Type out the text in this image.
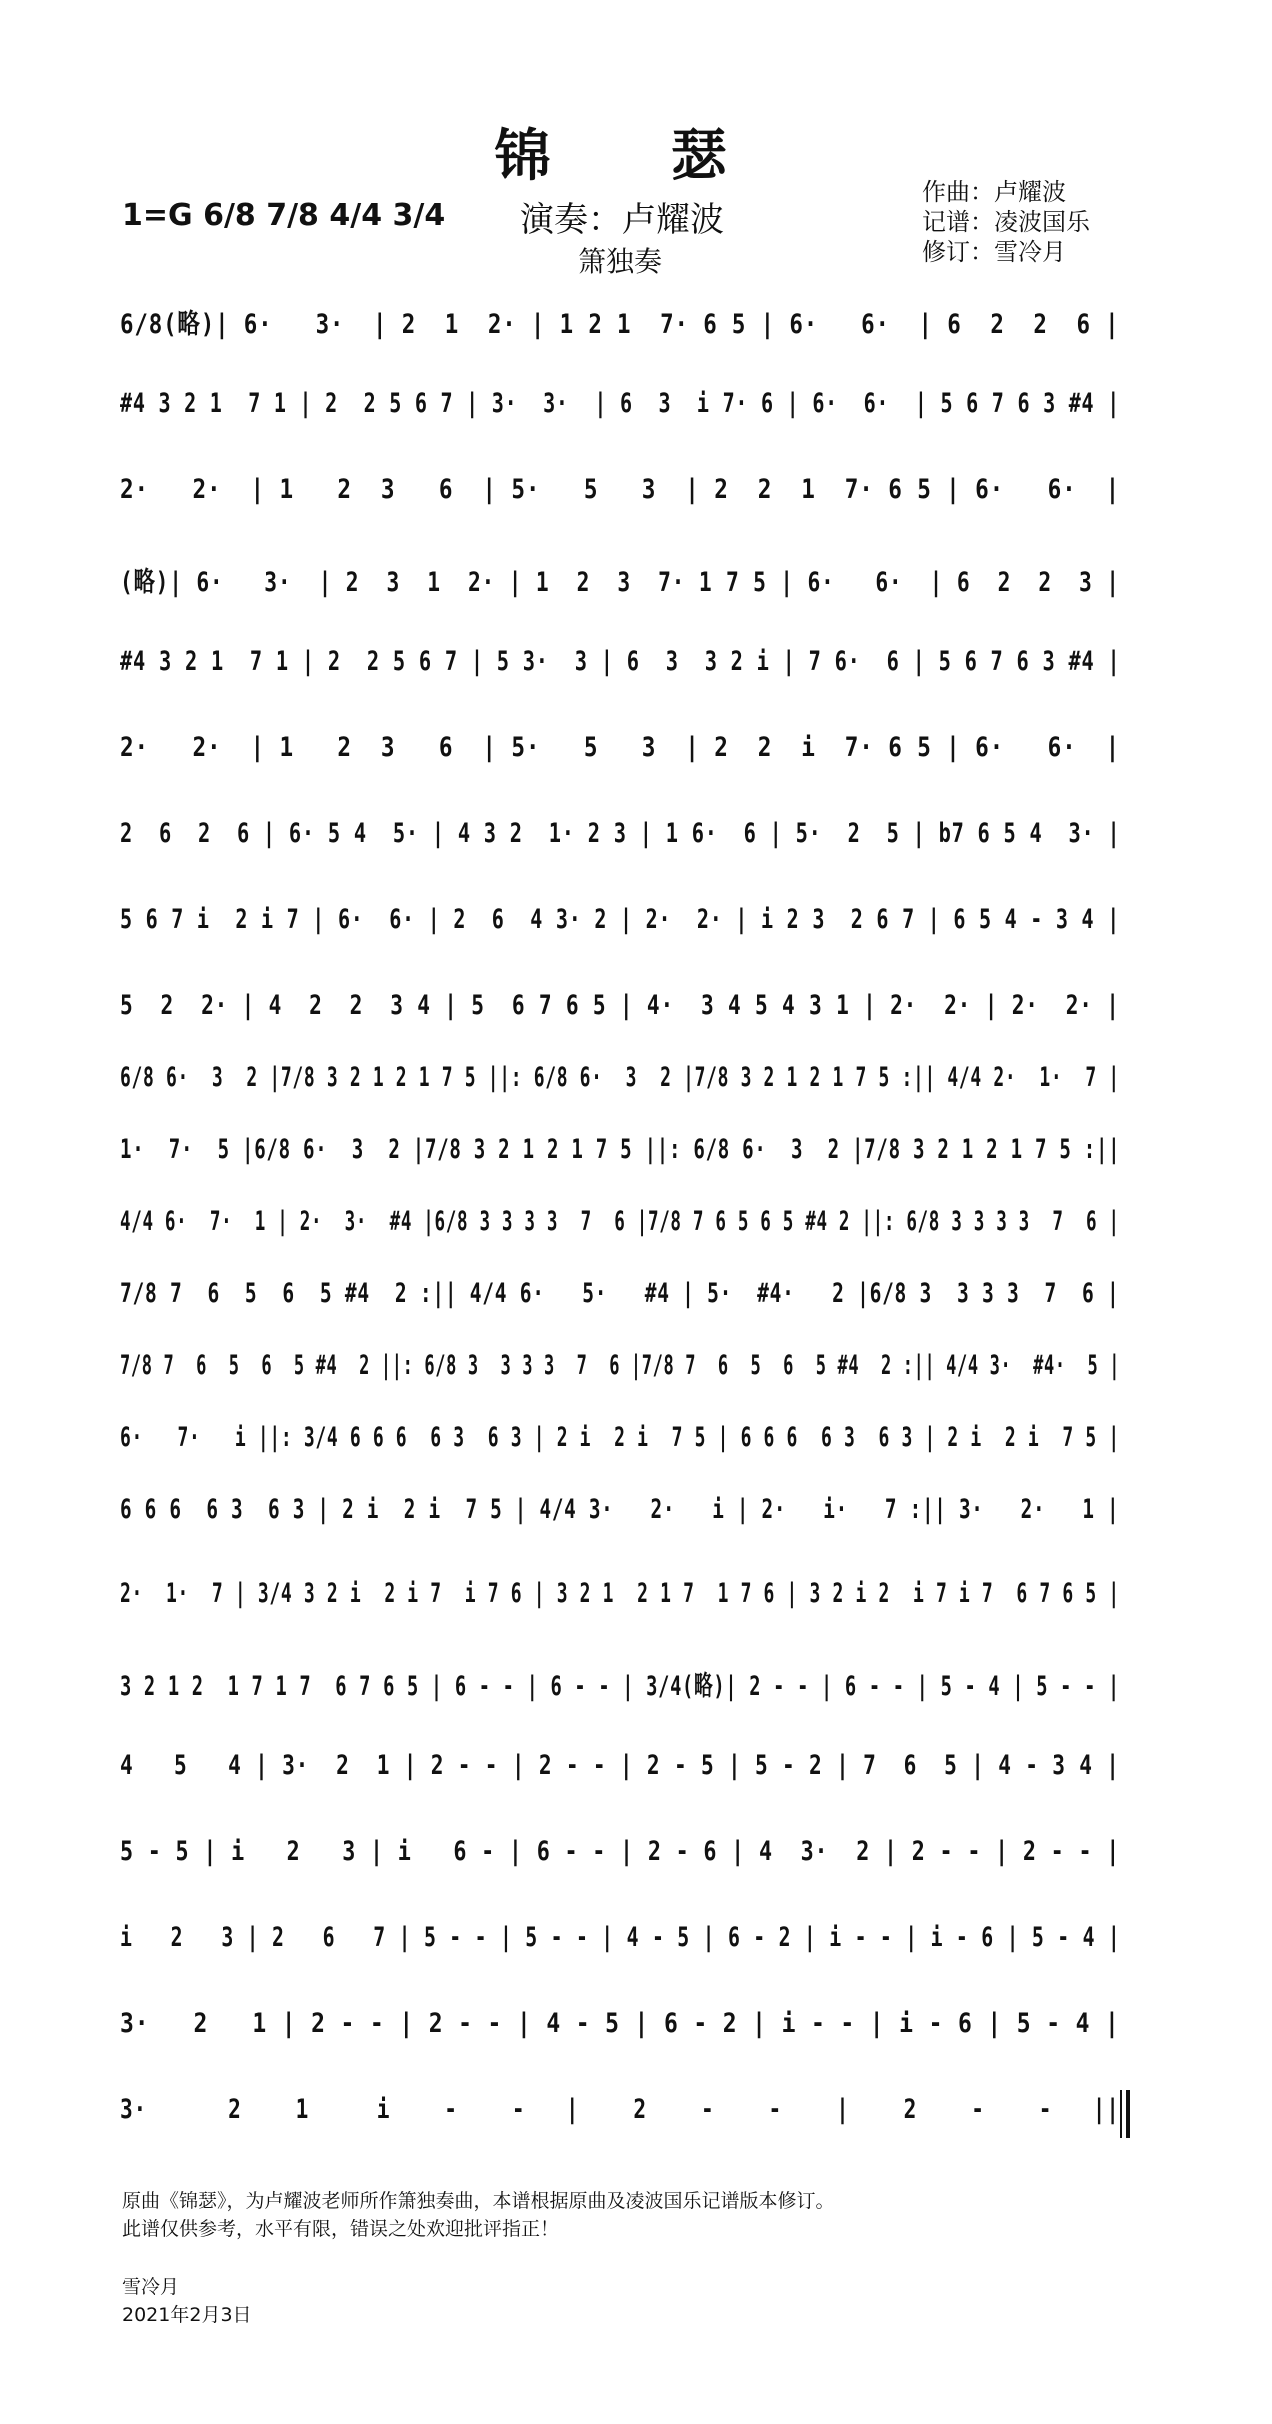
锦 瑟
1=G 6/8 7/8 4/4 3/4 演奏：卢耀波
箫独奏
作曲：卢耀波
记谱：凌波国乐
修订：雪冷月
6/8(略)| 6·   3·  | 2  1  2· | 1 2 1  7· 6 5 | 6·   6·  | 6  2  2  6 |
#4 3 2 1  7 1 | 2  2 5 6 7 | 3·  3·  | 6  3  i 7· 6 | 6·  6·  | 5 6 7 6 3 #4 |
2·   2·  | 1   2  3   6  | 5·   5   3  | 2  2  1  7· 6 5 | 6·   6·  |
(略)| 6·   3·  | 2  3  1  2· | 1  2  3  7· 1 7 5 | 6·   6·  | 6  2  2  3 |
#4 3 2 1  7 1 | 2  2 5 6 7 | 5 3·  3 | 6  3  3 2 i | 7 6·  6 | 5 6 7 6 3 #4 |
2·   2·  | 1   2  3   6  | 5·   5   3  | 2  2  i  7· 6 5 | 6·   6·  |
2  6  2  6 | 6· 5 4  5· | 4 3 2  1· 2 3 | 1 6·  6 | 5·  2  5 | b7 6 5 4  3· |
5 6 7 i  2 i 7 | 6·  6· | 2  6  4 3· 2 | 2·  2· | i 2 3  2 6 7 | 6 5 4 - 3 4 |
5  2  2· | 4  2  2  3 4 | 5  6 7 6 5 | 4·  3 4 5 4 3 1 | 2·  2· | 2·  2· |
6/8 6·  3  2 |7/8 3 2 1 2 1 7 5 ||: 6/8 6·  3  2 |7/8 3 2 1 2 1 7 5 :|| 4/4 2·  1·  7 |
1·  7·  5 |6/8 6·  3  2 |7/8 3 2 1 2 1 7 5 ||: 6/8 6·  3  2 |7/8 3 2 1 2 1 7 5 :||
4/4 6·  7·  1 | 2·  3·  #4 |6/8 3 3 3 3  7  6 |7/8 7 6 5 6 5 #4 2 ||: 6/8 3 3 3 3  7  6 |
7/8 7  6  5  6  5 #4  2 :|| 4/4 6·   5·   #4 | 5·  #4·   2 |6/8 3  3 3 3  7  6 |
7/8 7  6  5  6  5 #4  2 ||: 6/8 3  3 3 3  7  6 |7/8 7  6  5  6  5 #4  2 :|| 4/4 3·  #4·  5 |
6·   7·   i ||: 3/4 6 6 6  6 3  6 3 | 2 i  2 i  7 5 | 6 6 6  6 3  6 3 | 2 i  2 i  7 5 |
6 6 6  6 3  6 3 | 2 i  2 i  7 5 | 4/4 3·   2·   i | 2·   i·   7 :|| 3·   2·   1 |
2·  1·  7 | 3/4 3 2 i  2 i 7  i 7 6 | 3 2 1  2 1 7  1 7 6 | 3 2 i 2  i 7 i 7  6 7 6 5 |
3 2 1 2  1 7 1 7  6 7 6 5 | 6 - - | 6 - - | 3/4(略)| 2 - - | 6 - - | 5 - 4 | 5 - - |
4   5   4 | 3·  2  1 | 2 - - | 2 - - | 2 - 5 | 5 - 2 | 7  6  5 | 4 - 3 4 |
5 - 5 | i   2   3 | i   6 - | 6 - - | 2 - 6 | 4  3·  2 | 2 - - | 2 - - |
i   2   3 | 2   6   7 | 5 - - | 5 - - | 4 - 5 | 6 - 2 | i - - | i - 6 | 5 - 4 |
3·   2   1 | 2 - - | 2 - - | 4 - 5 | 6 - 2 | i - - | i - 6 | 5 - 4 |
3·      2    1     i    -    -   |    2    -    -    |    2    -    -   ||
原曲《锦瑟》，为卢耀波老师所作箫独奏曲，本谱根据原曲及凌波国乐记谱版本修订。
此谱仅供参考，水平有限，错误之处欢迎批评指正！
雪冷月
2021年2月3日
